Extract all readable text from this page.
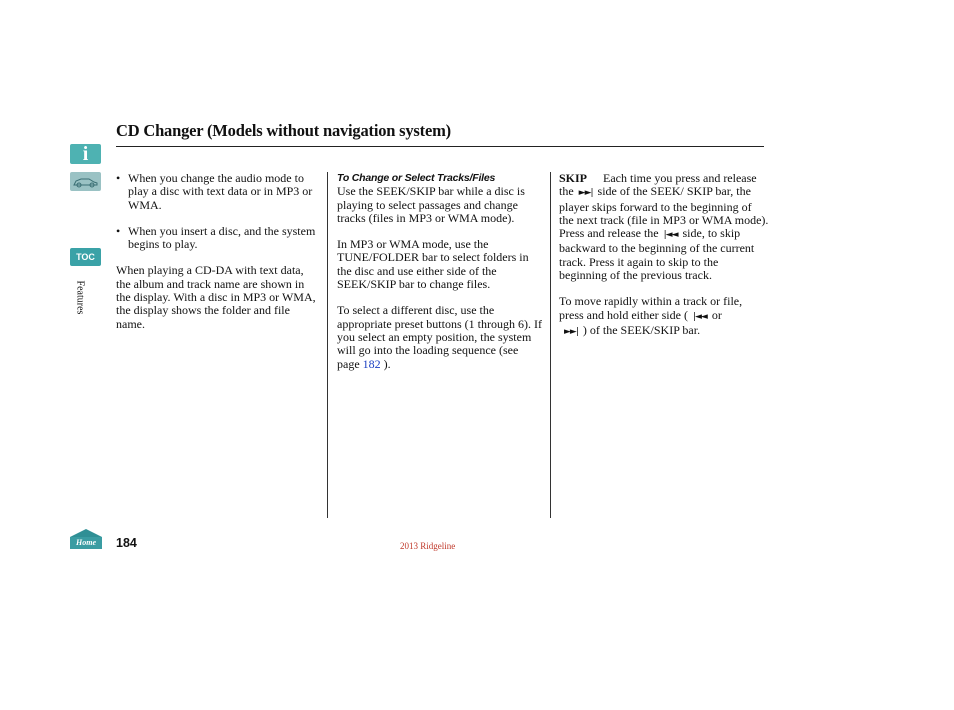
CD Changer (Models without navigation system)
i
TOC
Features
Home
• When you change the audio mode to play a disc with text data or in MP3 or WMA.
• When you insert a disc, and the system begins to play.

When playing a CD-DA with text data, the album and track name are shown in the display. With a disc in MP3 or WMA, the display shows the folder and file name.

To Change or Select Tracks/Files

Use the SEEK/SKIP bar while a disc is playing to select passages and change tracks (files in MP3 or WMA mode).

In MP3 or WMA mode, use the TUNE/FOLDER bar to select folders in the disc and use either side of the SEEK/SKIP bar to change files.

To select a different disc, use the appropriate preset buttons (1 through 6). If you select an empty position, the system will go into the loading sequence (see page 182 ).

SKIP Each time you press and release the ►►| side of the SEEK/ SKIP bar, the player skips forward to the beginning of the next track (file in MP3 or WMA mode). Press and release the |◄◄ side, to skip backward to the beginning of the current track. Press it again to skip to the beginning of the previous track.

To move rapidly within a track or file, press and hold either side ( |◄◄ or
►►| ) of the SEEK/SKIP bar.

184	2013 Ridgeline
